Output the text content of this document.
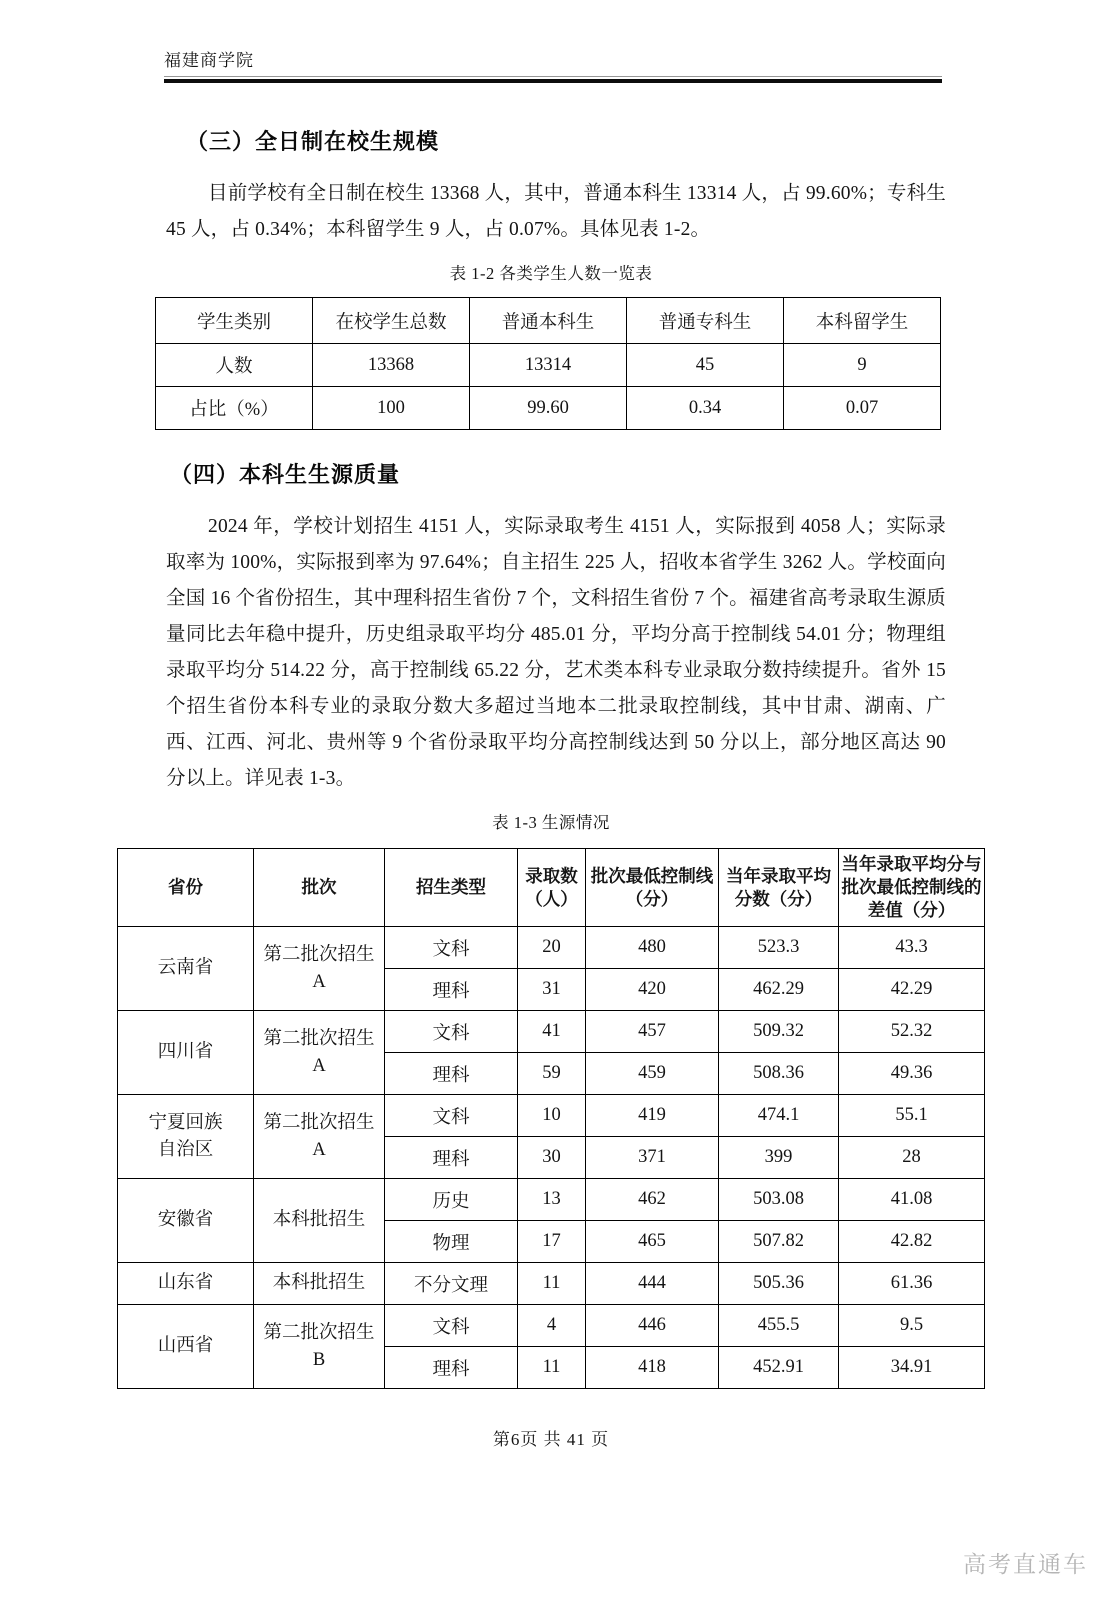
福建商学院
（三）全日制在校生规模

目前学校有全日制在校生 13368 人，其中，普通本科生 13314 人，占 99.60%；专科生 45 人，占 0.34%；本科留学生 9 人，占 0.07%。具体见表 1-2。

表 1-2 各类学生人数一览表
学生类别	在校学生总数	普通本科生	普通专科生	本科留学生
人数	13368	13314	45	9
占比（%）	100	99.60	0.34	0.07
（四）本科生生源质量

2024 年，学校计划招生 4151 人，实际录取考生 4151 人，实际报到 4058 人；实际录取率为 100%，实际报到率为 97.64%；自主招生 225 人，招收本省学生 3262 人。学校面向全国 16 个省份招生，其中理科招生省份 7 个，文科招生省份 7 个。福建省高考录取生源质量同比去年稳中提升，历史组录取平均分 485.01 分，平均分高于控制线 54.01 分；物理组录取平均分 514.22 分，高于控制线 65.22 分，艺术类本科专业录取分数持续提升。省外 15 个招生省份本科专业的录取分数大多超过当地本二批录取控制线，其中甘肃、湖南、广西、江西、河北、贵州等 9 个省份录取平均分高控制线达到 50 分以上，部分地区高达 90 分以上。详见表 1-3。

表 1-3 生源情况
省份	批次	招生类型	录取数（人）	批次最低控制线（分）	当年录取平均分数（分）	当年录取平均分与批次最低控制线的差值（分）
云南省	第二批次招生A	文科	20	480	523.3	43.3
		理科	31	420	462.29	42.29
四川省	第二批次招生A	文科	41	457	509.32	52.32
		理科	59	459	508.36	49.36
宁夏回族自治区	第二批次招生A	文科	10	419	474.1	55.1
		理科	30	371	399	28
安徽省	本科批招生	历史	13	462	503.08	41.08
		物理	17	465	507.82	42.82
山东省	本科批招生	不分文理	11	444	505.36	61.36
山西省	第二批次招生B	文科	4	446	455.5	9.5
		理科	11	418	452.91	34.91
第6页 共 41 页
高考直通车
